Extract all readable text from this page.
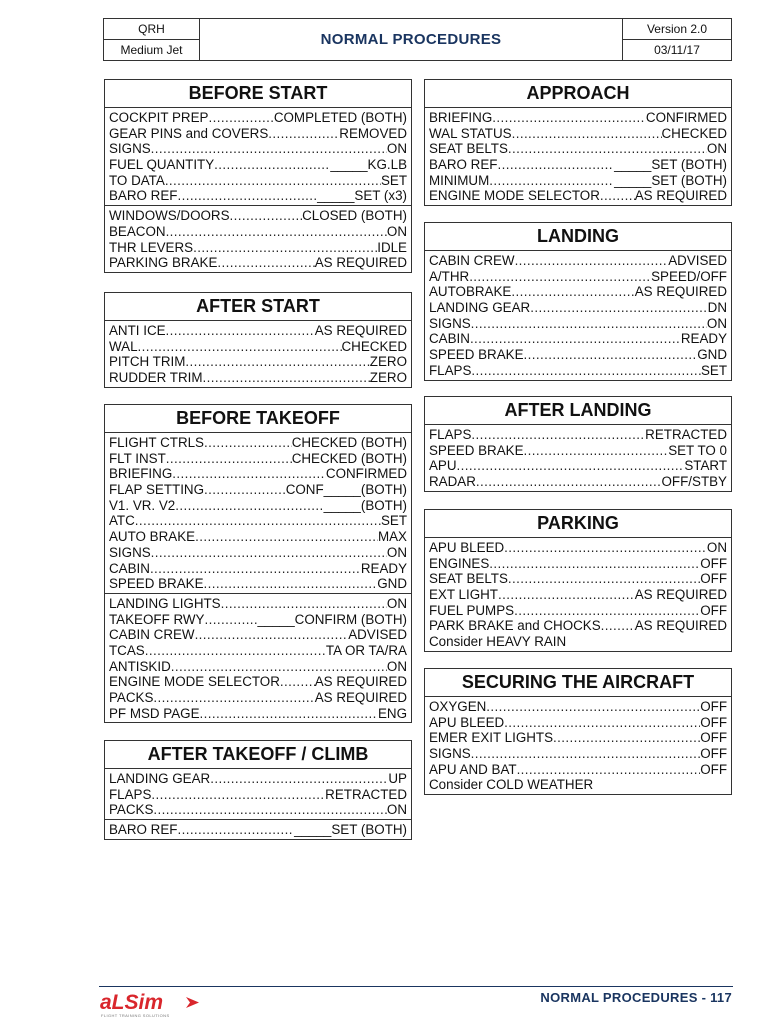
QRH
Medium Jet
NORMAL PROCEDURES
Version 2.0
03/11/17
BEFORE START
COCKPIT PREP .....	COMPLETED (BOTH)
GEAR PINS and COVERS .....	REMOVED
SIGNS .....	ON
FUEL QUANTITY .....	_____KG.LB
TO DATA .....	SET
BARO REF .....	_____SET (x3)
WINDOWS/DOORS .....	CLOSED (BOTH)
BEACON .....	ON
THR LEVERS .....	IDLE
PARKING BRAKE .....	AS REQUIRED
AFTER START
ANTI ICE .....	AS REQUIRED
WAL .....	CHECKED
PITCH TRIM .....	ZERO
RUDDER TRIM .....	ZERO
BEFORE TAKEOFF
FLIGHT CTRLS .....	CHECKED (BOTH)
FLT INST .....	CHECKED (BOTH)
BRIEFING .....	CONFIRMED
FLAP SETTING .....	CONF_____(BOTH)
V1. VR. V2 .....	_____(BOTH)
ATC .....	SET
AUTO BRAKE .....	MAX
SIGNS .....	ON
CABIN .....	READY
SPEED BRAKE .....	GND
LANDING LIGHTS .....	ON
TAKEOFF RWY .....	_____CONFIRM (BOTH)
CABIN CREW .....	ADVISED
TCAS .....	TA OR TA/RA
ANTISKID .....	ON
ENGINE MODE SELECTOR .....	AS REQUIRED
PACKS .....	AS REQUIRED
PF MSD PAGE .....	ENG
AFTER TAKEOFF / CLIMB
LANDING GEAR .....	UP
FLAPS .....	RETRACTED
PACKS .....	ON
BARO REF .....	_____SET (BOTH)
APPROACH
BRIEFING .....	CONFIRMED
WAL STATUS .....	CHECKED
SEAT BELTS .....	ON
BARO REF .....	_____SET (BOTH)
MINIMUM .....	_____SET (BOTH)
ENGINE MODE SELECTOR .....	AS REQUIRED
LANDING
CABIN CREW .....	ADVISED
A/THR .....	SPEED/OFF
AUTOBRAKE .....	AS REQUIRED
LANDING GEAR .....	DN
SIGNS .....	ON
CABIN .....	READY
SPEED BRAKE .....	GND
FLAPS .....	SET
AFTER LANDING
FLAPS .....	RETRACTED
SPEED BRAKE .....	SET TO 0
APU .....	START
RADAR .....	OFF/STBY
PARKING
APU BLEED .....	ON
ENGINES .....	OFF
SEAT BELTS .....	OFF
EXT LIGHT .....	AS REQUIRED
FUEL PUMPS .....	OFF
PARK BRAKE and CHOCKS .....	AS REQUIRED
Consider HEAVY RAIN
SECURING THE AIRCRAFT
OXYGEN .....	OFF
APU BLEED .....	OFF
EMER EXIT LIGHTS .....	OFF
SIGNS .....	OFF
APU AND BAT .....	OFF
Consider COLD WEATHER
aLSim
FLIGHT TRAINING SOLUTIONS
NORMAL PROCEDURES - 117
